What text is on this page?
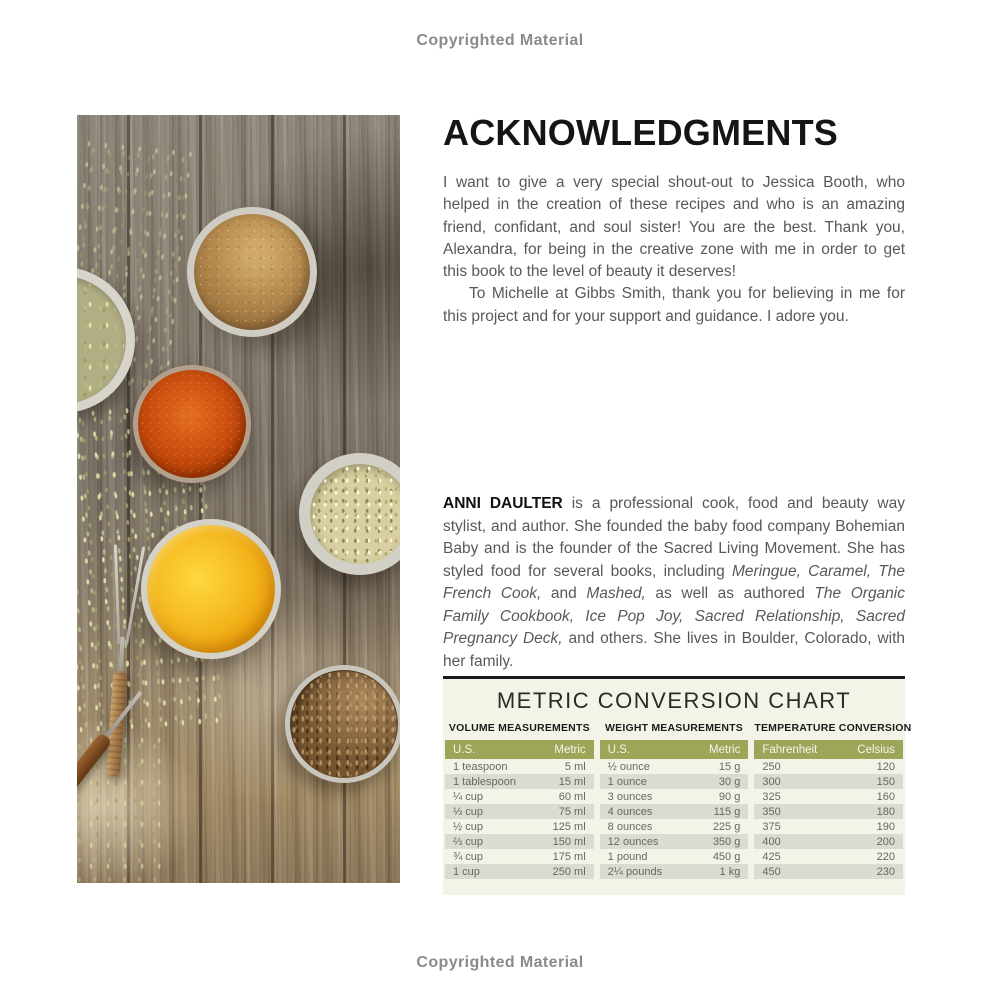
Copyrighted Material
ACKNOWLEDGMENTS

I want to give a very special shout-out to Jessica Booth, who helped in the creation of these recipes and who is an amazing friend, confidant, and soul sister! You are the best. Thank you, Alexandra, for being in the creative zone with me in order to get this book to the level of beauty it deserves!

To Michelle at Gibbs Smith, thank you for believing in me for this project and for your support and guidance. I adore you.

ANNI DAULTER is a professional cook, food and beauty way stylist, and author. She founded the baby food company Bohemian Baby and is the founder of the Sacred Living Movement. She has styled food for several books, including Meringue, Caramel, The French Cook, and Mashed, as well as authored The Organic Family Cookbook, Ice Pop Joy, Sacred Relationship, Sacred Pregnancy Deck, and others. She lives in Boulder, Colorado, with her family.
METRIC CONVERSION CHART
VOLUME MEASUREMENTS
U.S.	Metric
1 teaspoon	5 ml
1 tablespoon	15 ml
¼ cup	60 ml
⅓ cup	75 ml
½ cup	125 ml
⅔ cup	150 ml
¾ cup	175 ml
1 cup	250 ml
WEIGHT MEASUREMENTS
U.S.	Metric
½ ounce	15 g
1 ounce	30 g
3 ounces	90 g
4 ounces	115 g
8 ounces	225 g
12 ounces	350 g
1 pound	450 g
2¼ pounds	1 kg
TEMPERATURE CONVERSION
Fahrenheit	Celsius
250	120
300	150
325	160
350	180
375	190
400	200
425	220
450	230
Copyrighted Material
